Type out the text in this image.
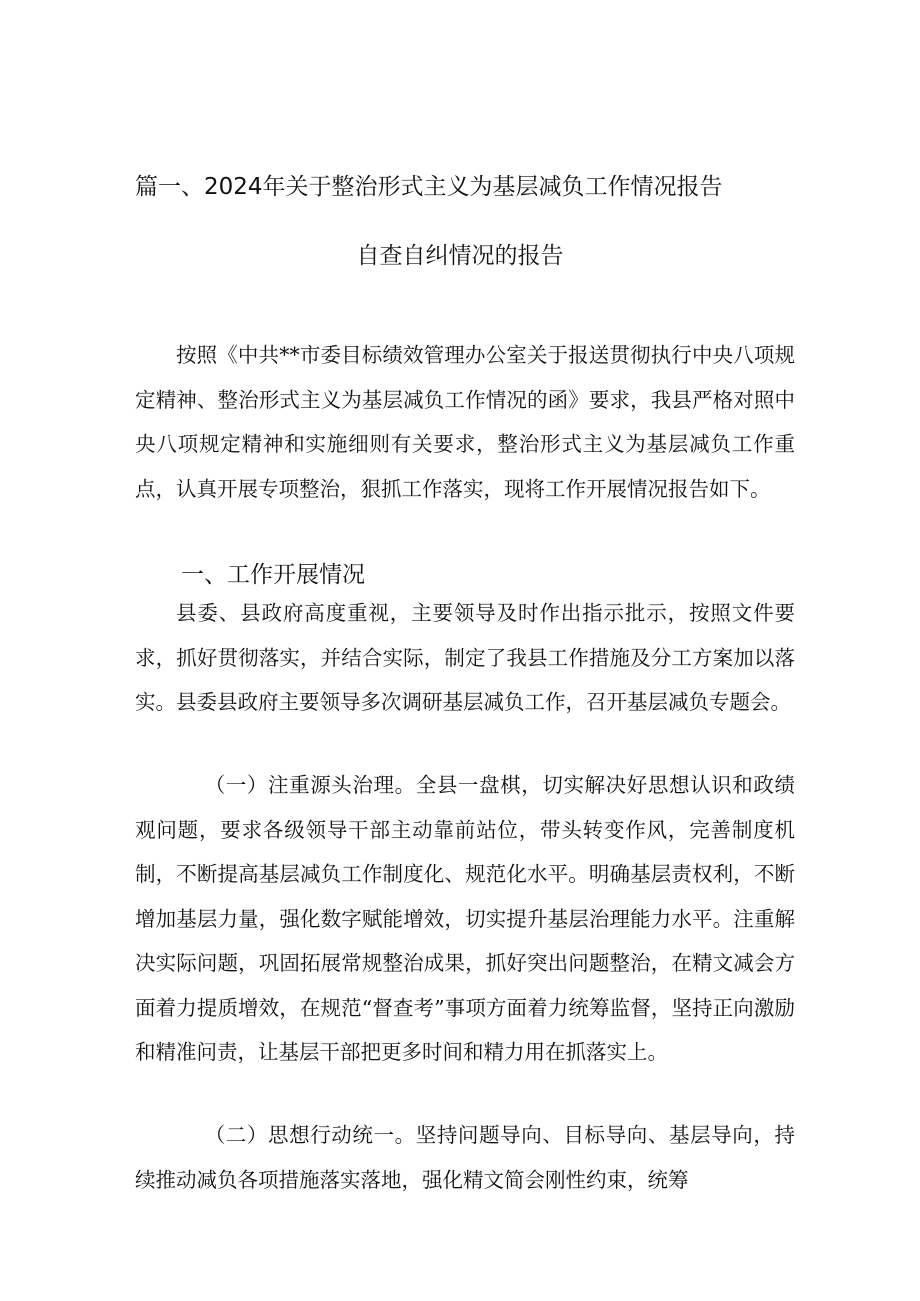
篇一、2024年关于整治形式主义为基层减负工作情况报告
自查自纠情况的报告

按照《中共**市委目标绩效管理办公室关于报送贯彻执行中央八项规定精神、整治形式主义为基层减负工作情况的函》要求，我县严格对照中央八项规定精神和实施细则有关要求，整治形式主义为基层减负工作重点，认真开展专项整治，狠抓工作落实，现将工作开展情况报告如下。

一、工作开展情况

县委、县政府高度重视，主要领导及时作出指示批示，按照文件要求，抓好贯彻落实，并结合实际，制定了我县工作措施及分工方案加以落实。县委县政府主要领导多次调研基层减负工作，召开基层减负专题会。

（一）注重源头治理。全县一盘棋，切实解决好思想认识和政绩观问题，要求各级领导干部主动靠前站位，带头转变作风，完善制度机制，不断提高基层减负工作制度化、规范化水平。明确基层责权利，不断增加基层力量，强化数字赋能增效，切实提升基层治理能力水平。注重解决实际问题，巩固拓展常规整治成果，抓好突出问题整治，在精文减会方面着力提质增效，在规范“督查考”事项方面着力统筹监督，坚持正向激励和精准问责，让基层干部把更多时间和精力用在抓落实上。

（二）思想行动统一。坚持问题导向、目标导向、基层导向，持续推动减负各项措施落实落地，强化精文简会刚性约束，统筹
